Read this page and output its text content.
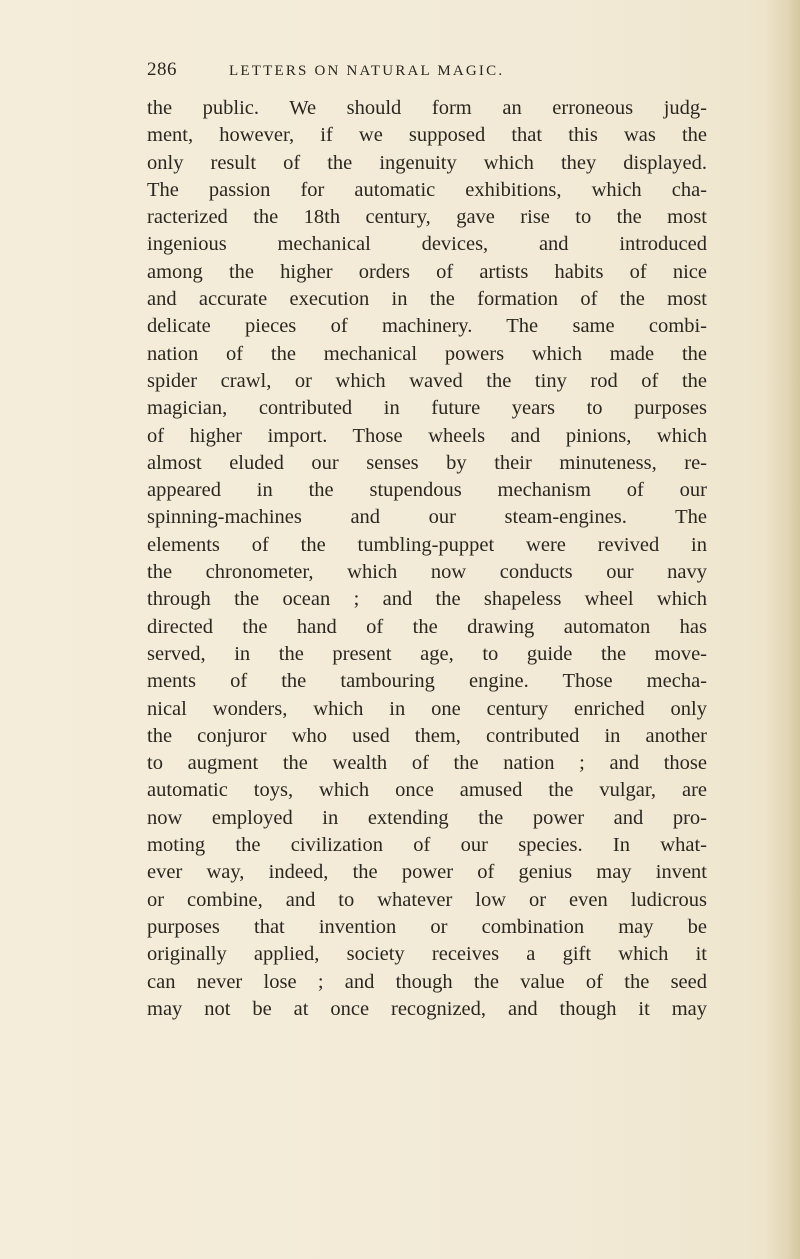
286	LETTERS ON NATURAL MAGIC.

the public. We should form an erroneous judg-
ment, however, if we supposed that this was the
only result of the ingenuity which they displayed.
The passion for automatic exhibitions, which cha-
racterized the 18th century, gave rise to the most
ingenious mechanical devices, and introduced
among the higher orders of artists habits of nice
and accurate execution in the formation of the most
delicate pieces of machinery. The same combi-
nation of the mechanical powers which made the
spider crawl, or which waved the tiny rod of the
magician, contributed in future years to purposes
of higher import. Those wheels and pinions, which
almost eluded our senses by their minuteness, re-
appeared in the stupendous mechanism of our
spinning-machines and our steam-engines. The
elements of the tumbling-puppet were revived in
the chronometer, which now conducts our navy
through the ocean ; and the shapeless wheel which
directed the hand of the drawing automaton has
served, in the present age, to guide the move-
ments of the tambouring engine. Those mecha-
nical wonders, which in one century enriched only
the conjuror who used them, contributed in another
to augment the wealth of the nation ; and those
automatic toys, which once amused the vulgar, are
now employed in extending the power and pro-
moting the civilization of our species. In what-
ever way, indeed, the power of genius may invent
or combine, and to whatever low or even ludicrous
purposes that invention or combination may be
originally applied, society receives a gift which it
can never lose ; and though the value of the seed
may not be at once recognized, and though it may
